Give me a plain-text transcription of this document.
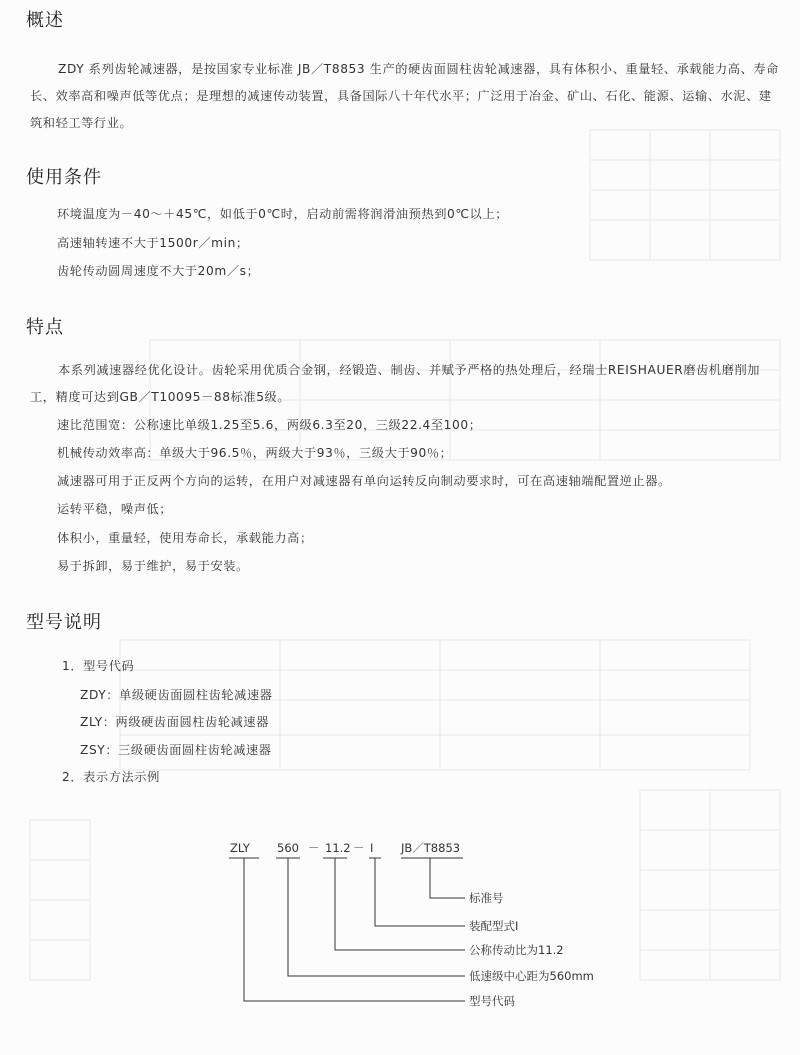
概述

ZDY 系列齿轮减速器，是按国家专业标准 JB／T8853 生产的硬齿面圆柱齿轮减速器，具有体积小、重量轻、承载能力高、寿命长、效率高和噪声低等优点；是理想的减速传动装置，具备国际八十年代水平；广泛用于冶金、矿山、石化、能源、运输、水泥、建筑和轻工等行业。

使用条件

环境温度为－40～＋45℃，如低于0℃时，启动前需将润滑油预热到0℃以上；

高速轴转速不大于1500r／min；

齿轮传动圆周速度不大于20m／s；

特点

本系列减速器经优化设计。齿轮采用优质合金钢，经锻造、制齿、并赋予严格的热处理后，经瑞士REISHAUER磨齿机磨削加工，精度可达到GB／T10095－88标准5级。

速比范围宽：公称速比单级1.25至5.6，两级6.3至20，三级22.4至100；

机械传动效率高：单级大于96.5％，两级大于93％，三级大于90％；

减速器可用于正反两个方向的运转，在用户对减速器有单向运转反向制动要求时，可在高速轴端配置逆止器。

运转平稳，噪声低；

体积小，重量轻，使用寿命长，承载能力高；

易于拆卸，易于维护，易于安装。

型号说明

1．型号代码

ZDY：单级硬齿面圆柱齿轮减速器

ZLY：两级硬齿面圆柱齿轮减速器

ZSY：三级硬齿面圆柱齿轮减速器

2．表示方法示例

ZLY 560 － 11.2 － Ⅰ JB／T8853
标准号
装配型式Ⅰ
公称传动比为11.2
低速级中心距为560mm
型号代码
